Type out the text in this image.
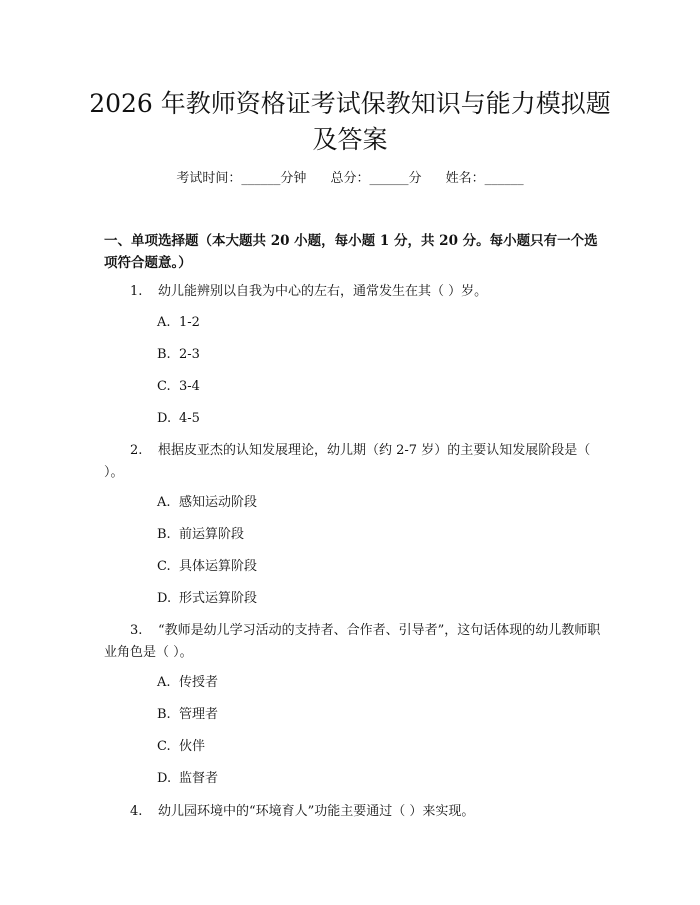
2026 年教师资格证考试保教知识与能力模拟题及答案
考试时间：______分钟 总分：______分 姓名：______
一、单项选择题（本大题共 20 小题，每小题 1 分，共 20 分。每小题只有一个选项符合题意。）
1. 幼儿能辨别以自我为中心的左右，通常发生在其（ ）岁。
A. 1-2
B. 2-3
C. 3-4
D. 4-5
2. 根据皮亚杰的认知发展理论，幼儿期（约 2-7 岁）的主要认知发展阶段是（ ）。
A. 感知运动阶段
B. 前运算阶段
C. 具体运算阶段
D. 形式运算阶段
3. “教师是幼儿学习活动的支持者、合作者、引导者”，这句话体现的幼儿教师职业角色是（ ）。
A. 传授者
B. 管理者
C. 伙伴
D. 监督者
4. 幼儿园环境中的“环境育人”功能主要通过（ ）来实现。
